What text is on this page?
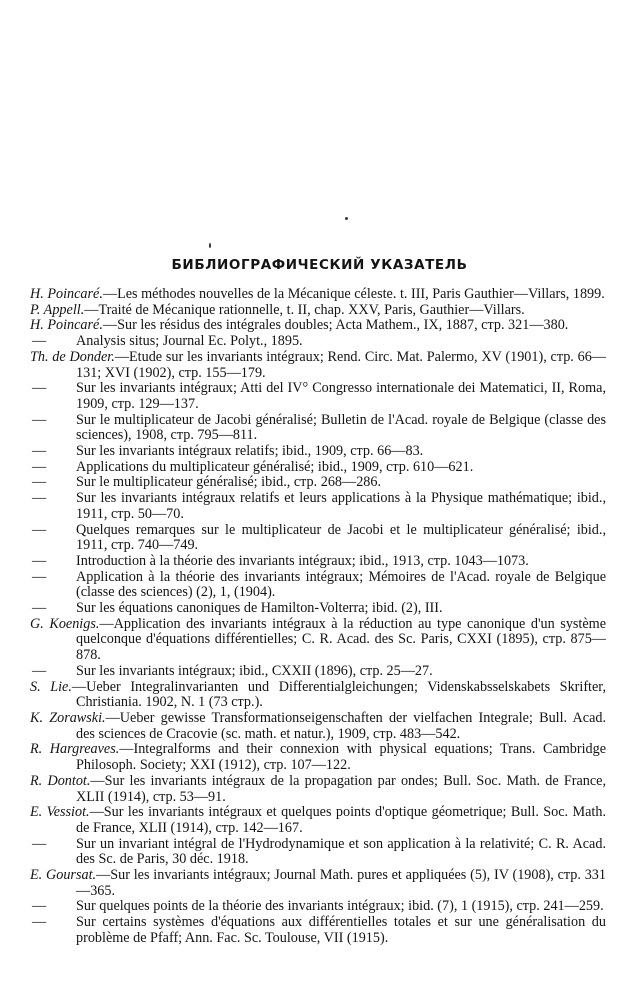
БИБЛИОГРАФИЧЕСКИЙ УКАЗАТЕЛЬ
H. Poincaré.—Les méthodes nouvelles de la Mécanique céleste. t. III, Paris Gauthier—Villars, 1899.
P. Appell.—Traité de Mécanique rationnelle, t. II, chap. XXV, Paris, Gauthier—Villars.
H. Poincaré.—Sur les résidus des intégrales doubles; Acta Mathem., IX, 1887, стр. 321—380.
— Analysis situs; Journal Ec. Polyt., 1895.
Th. de Donder.—Etude sur les invariants intégraux; Rend. Circ. Mat. Palermo, XV (1901), стр. 66—131; XVI (1902), стр. 155—179.
— Sur les invariants intégraux; Atti del IV° Congresso internationale dei Matematici, II, Roma, 1909, стр. 129—137.
— Sur le multiplicateur de Jacobi généralisé; Bulletin de l'Acad. royale de Belgique (classe des sciences), 1908, стр. 795—811.
— Sur les invariants intégraux relatifs; ibid., 1909, стр. 66—83.
— Applications du multiplicateur généralisé; ibid., 1909, стр. 610—621.
— Sur le multiplicateur généralisé; ibid., стр. 268—286.
— Sur les invariants intégraux relatifs et leurs applications à la Physique mathématique; ibid., 1911, стр. 50—70.
— Quelques remarques sur le multiplicateur de Jacobi et le multiplicateur généralisé; ibid., 1911, стр. 740—749.
— Introduction à la théorie des invariants intégraux; ibid., 1913, стр. 1043—1073.
— Application à la théorie des invariants intégraux; Mémoires de l'Acad. royale de Belgique (classe des sciences) (2), 1, (1904).
— Sur les équations canoniques de Hamilton-Volterra; ibid. (2), III.
G. Koenigs.—Application des invariants intégraux à la réduction au type canonique d'un système quelconque d'équations différentielles; C. R. Acad. des Sc. Paris, CXXI (1895), стр. 875—878.
— Sur les invariants intégraux; ibid., CXXII (1896), стр. 25—27.
S. Lie.—Ueber Integralinvarianten und Differentialgleichungen; Videnskabsselskabets Skrifter, Christiania. 1902, N. 1 (73 стр.).
K. Zorawski.—Ueber gewisse Transformationseigenschaften der vielfachen Integrale; Bull. Acad. des sciences de Cracovie (sc. math. et natur.), 1909, стр. 483—542.
R. Hargreaves.—Integralforms and their connexion with physical equations; Trans. Cambridge Philosoph. Society; XXI (1912), стр. 107—122.
R. Dontot.—Sur les invariants intégraux de la propagation par ondes; Bull. Soc. Math. de France, XLII (1914), стр. 53—91.
E. Vessiot.—Sur les invariants intégraux et quelques points d'optique géometrique; Bull. Soc. Math. de France, XLII (1914), стр. 142—167.
— Sur un invariant intégral de l'Hydrodynamique et son application à la relativité; C. R. Acad. des Sc. de Paris, 30 déc. 1918.
E. Goursat.—Sur les invariants intégraux; Journal Math. pures et appliquées (5), IV (1908), стр. 331—365.
— Sur quelques points de la théorie des invariants intégraux; ibid. (7), 1 (1915), стр. 241—259.
— Sur certains systèmes d'équations aux différentielles totales et sur une généralisation du problème de Pfaff; Ann. Fac. Sc. Toulouse, VII (1915).
